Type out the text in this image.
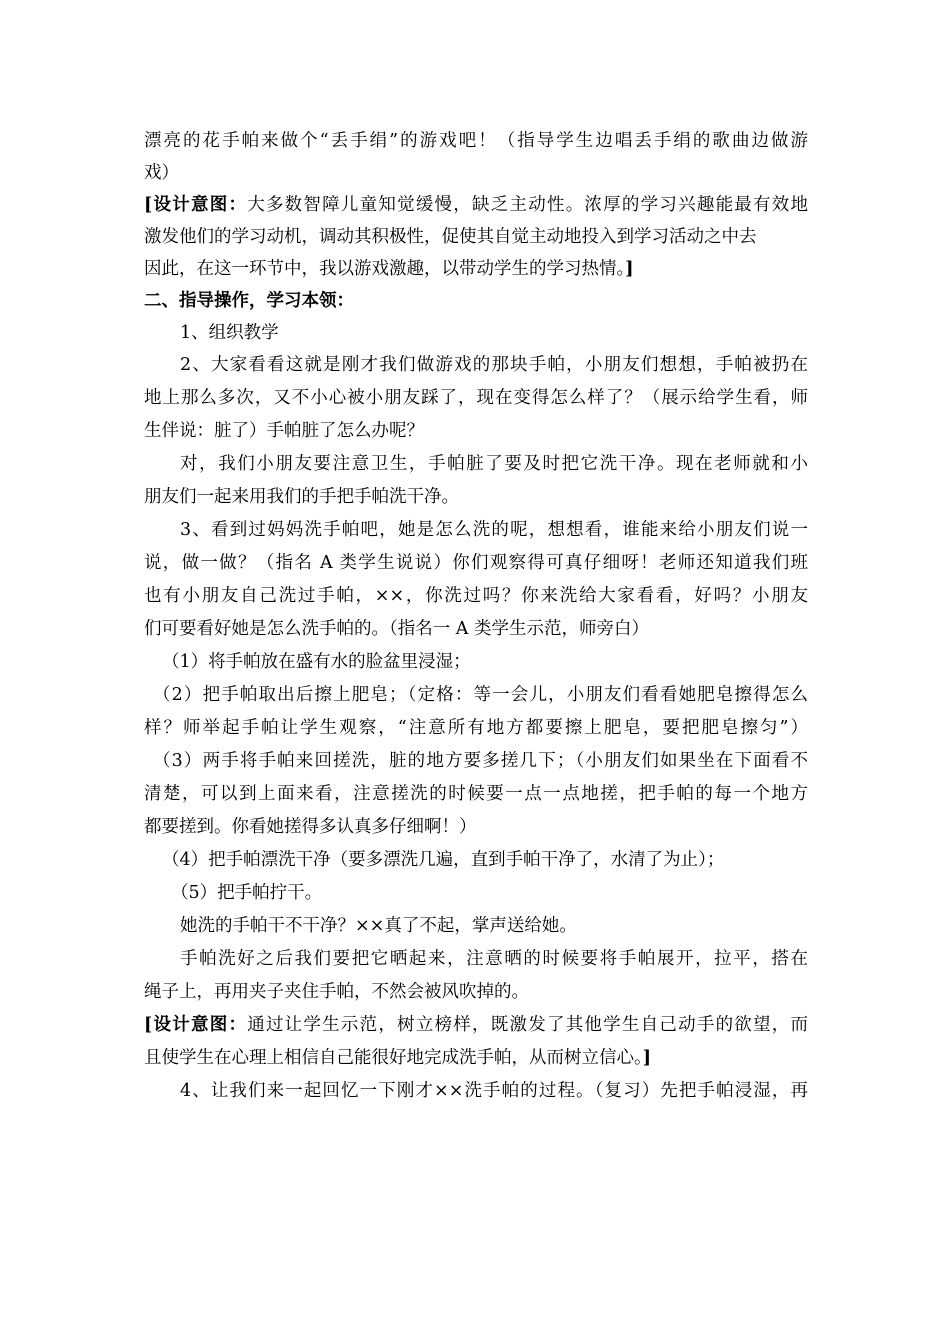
漂亮的花手帕来做个“丢手绢”的游戏吧！（指导学生边唱丢手绢的歌曲边做游
戏）
[设计意图：大多数智障儿童知觉缓慢，缺乏主动性。浓厚的学习兴趣能最有效地
激发他们的学习动机，调动其积极性，促使其自觉主动地投入到学习活动之中去
因此，在这一环节中，我以游戏激趣，以带动学生的学习热情。]
二、指导操作，学习本领：
1、组织教学
2、大家看看这就是刚才我们做游戏的那块手帕，小朋友们想想，手帕被扔在
地上那么多次，又不小心被小朋友踩了，现在变得怎么样了？（展示给学生看，师
生伴说：脏了）手帕脏了怎么办呢？
对，我们小朋友要注意卫生，手帕脏了要及时把它洗干净。现在老师就和小
朋友们一起来用我们的手把手帕洗干净。
3、看到过妈妈洗手帕吧，她是怎么洗的呢，想想看，谁能来给小朋友们说一
说，做一做？（指名 A 类学生说说）你们观察得可真仔细呀！老师还知道我们班
也有小朋友自己洗过手帕，××，你洗过吗？你来洗给大家看看，好吗？小朋友
们可要看好她是怎么洗手帕的。（指名一 A 类学生示范，师旁白）
（1）将手帕放在盛有水的脸盆里浸湿；
（2）把手帕取出后擦上肥皂；（定格：等一会儿，小朋友们看看她肥皂擦得怎么
样？师举起手帕让学生观察，“注意所有地方都要擦上肥皂，要把肥皂擦匀”）
（3）两手将手帕来回搓洗，脏的地方要多搓几下；（小朋友们如果坐在下面看不
清楚，可以到上面来看，注意搓洗的时候要一点一点地搓，把手帕的每一个地方
都要搓到。你看她搓得多认真多仔细啊！）
（4）把手帕漂洗干净（要多漂洗几遍，直到手帕干净了，水清了为止）；
（5）把手帕拧干。
她洗的手帕干不干净？××真了不起，掌声送给她。
手帕洗好之后我们要把它晒起来，注意晒的时候要将手帕展开，拉平，搭在
绳子上，再用夹子夹住手帕，不然会被风吹掉的。
[设计意图：通过让学生示范，树立榜样，既激发了其他学生自己动手的欲望，而
且使学生在心理上相信自己能很好地完成洗手帕，从而树立信心。]
4、让我们来一起回忆一下刚才××洗手帕的过程。（复习）先把手帕浸湿，再
